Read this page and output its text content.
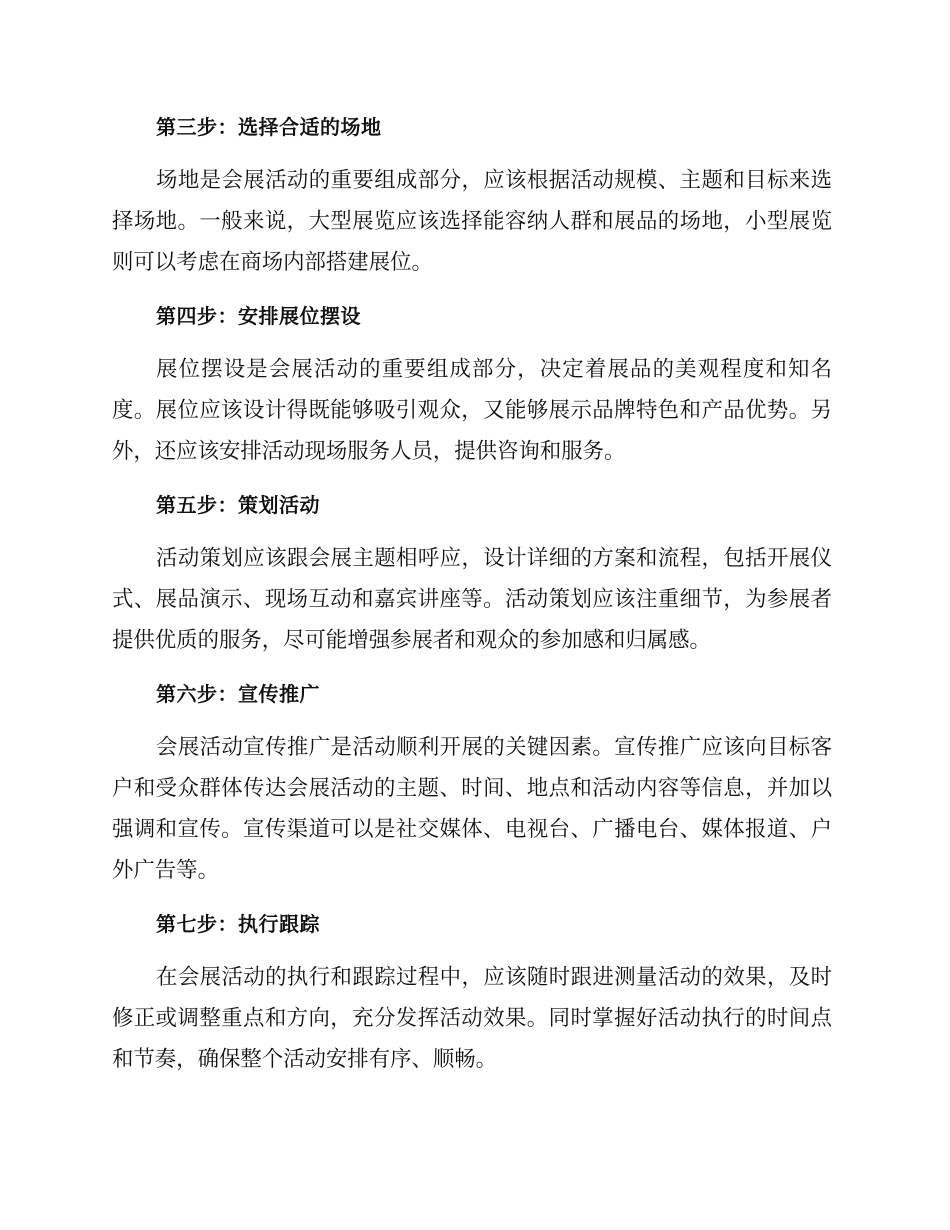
第三步：选择合适的场地

场地是会展活动的重要组成部分，应该根据活动规模、主题和目标来选择场地。一般来说，大型展览应该选择能容纳人群和展品的场地，小型展览则可以考虑在商场内部搭建展位。

第四步：安排展位摆设

展位摆设是会展活动的重要组成部分，决定着展品的美观程度和知名度。展位应该设计得既能够吸引观众，又能够展示品牌特色和产品优势。另外，还应该安排活动现场服务人员，提供咨询和服务。

第五步：策划活动

活动策划应该跟会展主题相呼应，设计详细的方案和流程，包括开展仪式、展品演示、现场互动和嘉宾讲座等。活动策划应该注重细节，为参展者提供优质的服务，尽可能增强参展者和观众的参加感和归属感。

第六步：宣传推广

会展活动宣传推广是活动顺利开展的关键因素。宣传推广应该向目标客户和受众群体传达会展活动的主题、时间、地点和活动内容等信息，并加以强调和宣传。宣传渠道可以是社交媒体、电视台、广播电台、媒体报道、户外广告等。

第七步：执行跟踪

在会展活动的执行和跟踪过程中，应该随时跟进测量活动的效果，及时修正或调整重点和方向，充分发挥活动效果。同时掌握好活动执行的时间点和节奏，确保整个活动安排有序、顺畅。
